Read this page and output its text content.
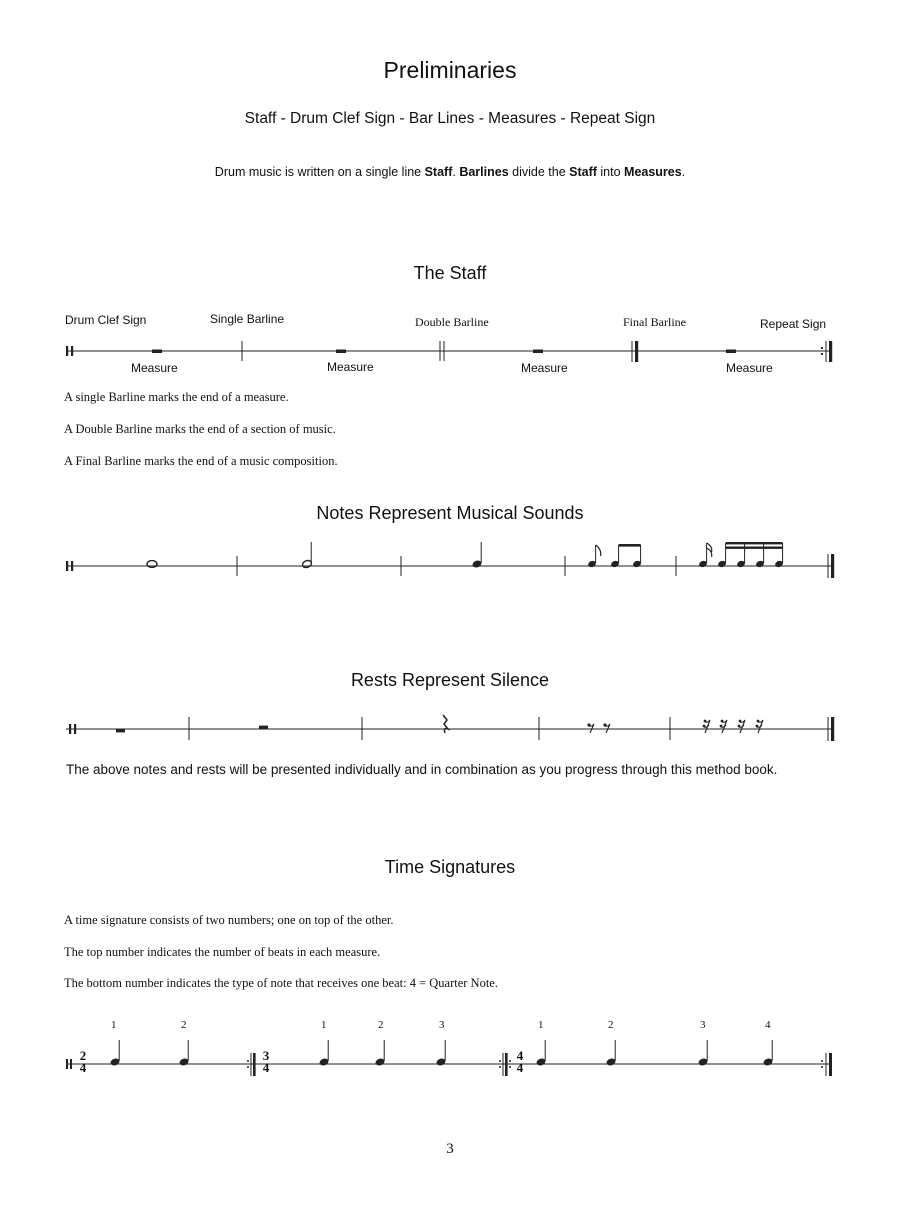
Preliminaries
Staff - Drum Clef Sign - Bar Lines - Measures - Repeat Sign
Drum music is written on a single line Staff. Barlines divide the Staff into Measures.
The Staff
Drum Clef Sign	Single Barline	Double Barline	Final Barline	Repeat Sign
Measure	Measure	Measure	Measure
A single Barline marks the end of a measure.
A Double Barline marks the end of a section of music.
A Final Barline marks the end of a music composition.
Notes Represent Musical Sounds
Rests Represent Silence
The above notes and rests will be presented individually and in combination as you progress through this method book.
Time Signatures
A time signature consists of two numbers; one on top of the other.
The top number indicates the number of beats in each measure.
The bottom number indicates the type of note that receives one beat: 4 = Quarter Note.
2
4
3
4
4
4
1	2	1	2	3	1	2	3	4
3
